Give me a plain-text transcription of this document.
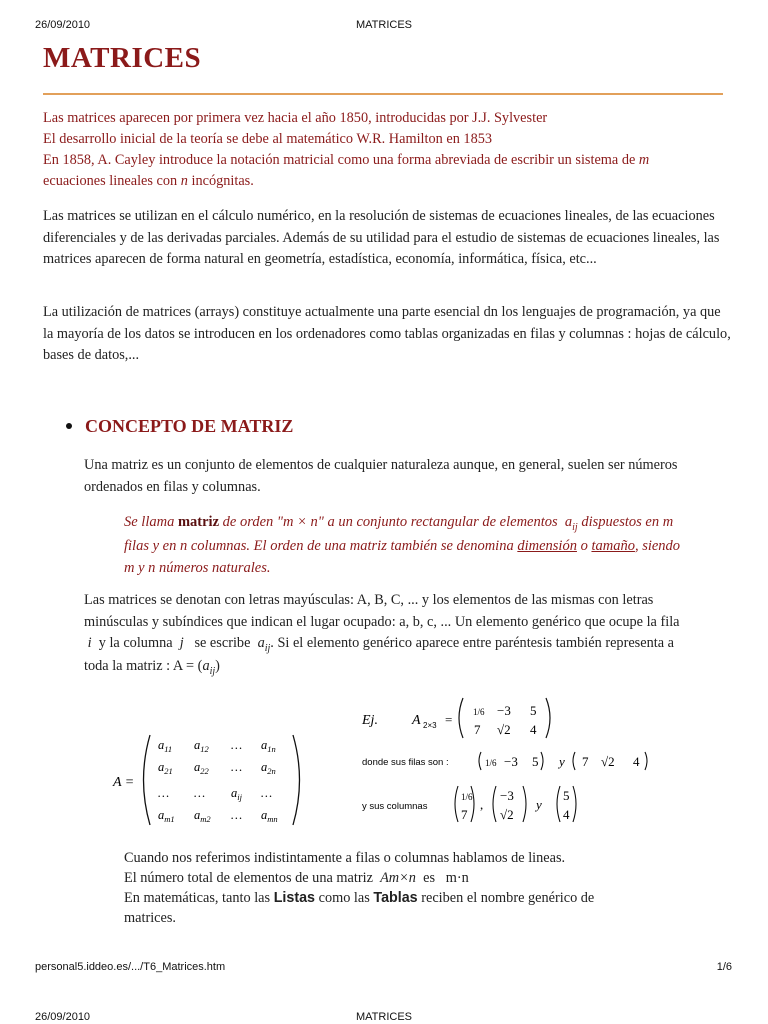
26/09/2010	MATRICES
MATRICES
Las matrices aparecen por primera vez hacia el año 1850, introducidas por J.J. Sylvester
El desarrollo inicial de la teoría se debe al matemático W.R. Hamilton en 1853
En 1858, A. Cayley introduce la notación matricial como una forma abreviada de escribir un sistema de m
ecuaciones lineales con n incógnitas.

Las matrices se utilizan en el cálculo numérico, en la resolución de sistemas de ecuaciones lineales, de las ecuaciones diferenciales y de las derivadas parciales. Además de su utilidad para el estudio de sistemas de ecuaciones lineales, las matrices aparecen de forma natural en geometría, estadística, economía, informática, física, etc...

La utilización de matrices (arrays) constituye actualmente una parte esencial dn los lenguajes de programación, ya que la mayoría de los datos se introducen en los ordenadores como tablas organizadas en filas y columnas : hojas de cálculo, bases de datos,...

CONCEPTO DE MATRIZ

Una matriz es un conjunto de elementos de cualquier naturaleza aunque, en general, suelen ser números ordenados en filas y columnas.

Se llama matriz de orden "m × n" a un conjunto rectangular de elementos $a_{ij}$ dispuestos en m filas y en n columnas. El orden de una matriz también se denomina dimensión o tamaño, siendo m y n números naturales.

Las matrices se denotan con letras mayúsculas: A, B, C, ... y los elementos de las mismas con letras minúsculas y subíndices que indican el lugar ocupado: a, b, c, ... Un elemento genérico que ocupe la fila  i y la columna j se escribe $a_{ij}$. Si el elemento genérico aparece entre paréntesis también representa a toda la matriz : $A = (a_{ij})$

A =
$a_{11}$ $a_{12}$ … $a_{1n}$
$a_{21}$ $a_{22}$ … $a_{2n}$
… … $a_{ij}$ …
$a_{m1}$ $a_{m2}$ … $a_{mn}$
Ej. A 2×3 = 1/6 −3 5
7 √2 4
donde sus filas son :	1/6 −3 5 y 7 √2 4
y sus columnas
1/6
7
,
−3
√2
y
5
4
Cuando nos referimos indistintamente a filas o columnas hablamos de lineas.
El número total de elementos de una matriz Am×n es m·n
En matemáticas, tanto las Listas como las Tablas reciben el nombre genérico de
matrices.
personal5.iddeo.es/.../T6_Matrices.htm	1/6
26/09/2010	MATRICES
